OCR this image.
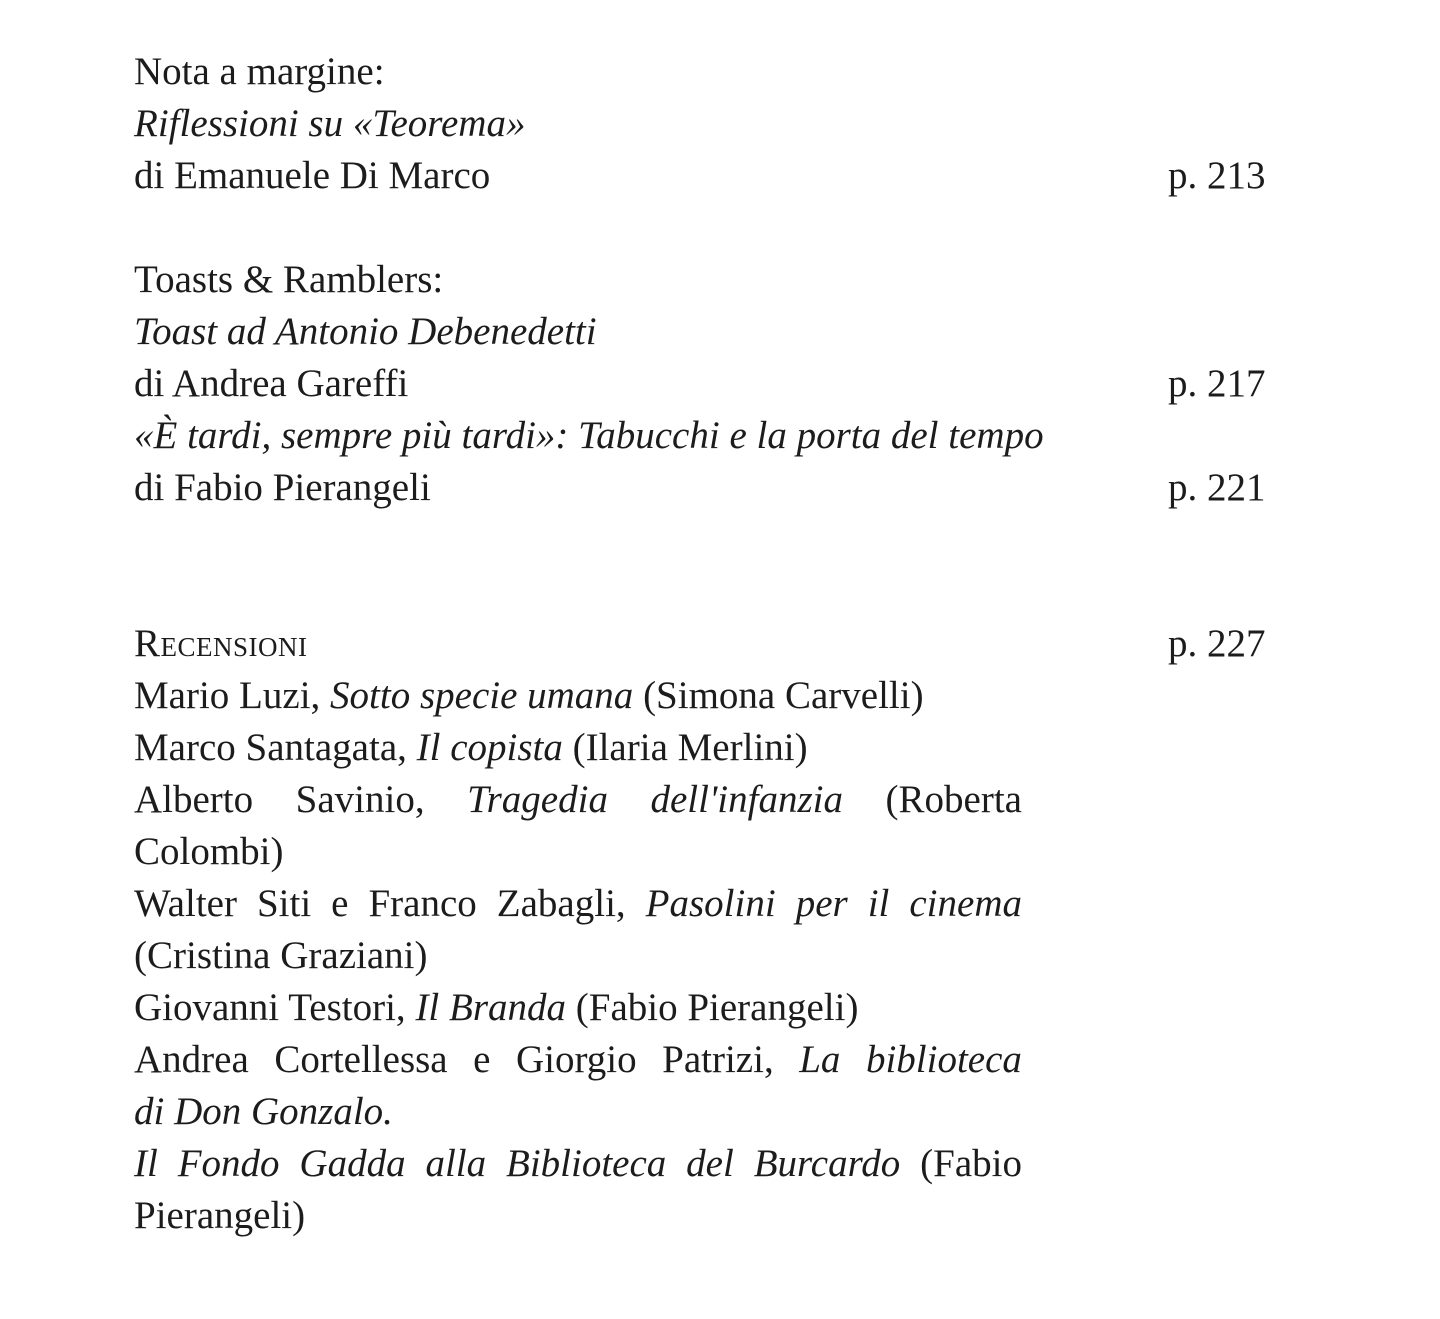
Nota a margine:
Riflessioni su «Teorema»
di Emanuele Di Marco	p. 213
Toasts & Ramblers:
Toast ad Antonio Debenedetti
di Andrea Gareffi	p. 217
«È tardi, sempre più tardi»: Tabucchi e la porta del tempo
di Fabio Pierangeli	p. 221
Recensioni	p. 227
Mario Luzi, Sotto specie umana (Simona Carvelli)
Marco Santagata, Il copista (Ilaria Merlini)
Alberto Savinio, Tragedia dell'infanzia (Roberta
Colombi)
Walter Siti e Franco Zabagli, Pasolini per il cinema
(Cristina Graziani)
Giovanni Testori, Il Branda (Fabio Pierangeli)
Andrea Cortellessa e Giorgio Patrizi, La biblioteca
di Don Gonzalo.
Il Fondo Gadda alla Biblioteca del Burcardo (Fabio
Pierangeli)
